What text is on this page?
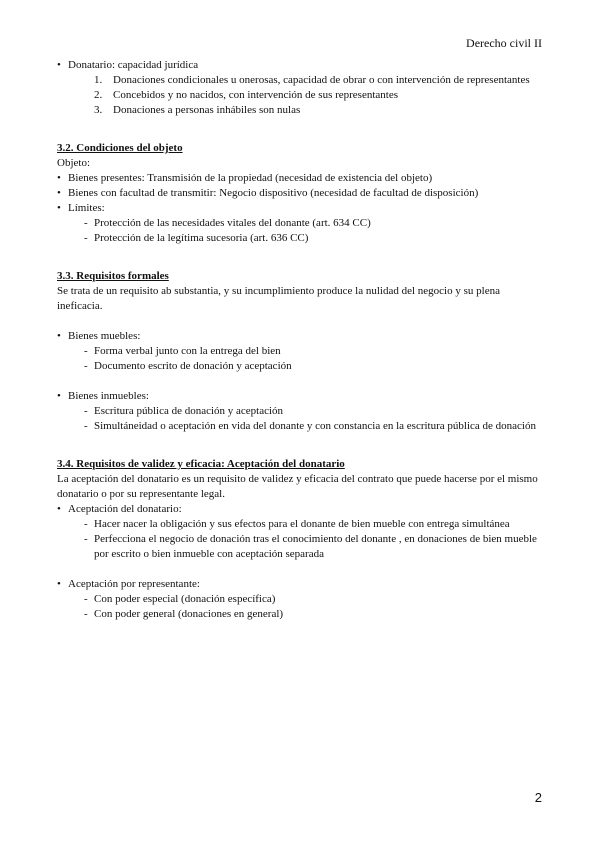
Derecho civil II
• Donatario: capacidad jurídica
1. Donaciones condicionales u onerosas, capacidad de obrar o con intervención de representantes
2. Concebidos y no nacidos, con intervención de sus representantes
3. Donaciones a personas inhábiles son nulas
3.2. Condiciones del objeto
Objeto:
• Bienes presentes: Transmisión de la propiedad (necesidad de existencia del objeto)
• Bienes con facultad de transmitir: Negocio dispositivo (necesidad de facultad de disposición)
• Límites:
- Protección de las necesidades vitales del donante (art. 634 CC)
- Protección de la legítima sucesoria (art. 636 CC)
3.3. Requisitos formales
Se trata de un requisito ab substantia, y su incumplimiento produce la nulidad del negocio y su plena ineficacia.
• Bienes muebles:
- Forma verbal junto con la entrega del bien
- Documento escrito de donación y aceptación
• Bienes inmuebles:
- Escritura pública de donación y aceptación
- Simultáneidad o aceptación en vida del donante y con constancia en la escritura pública de donación
3.4. Requisitos de validez y eficacia: Aceptación del donatario
La aceptación del donatario es un requisito de validez y eficacia del contrato que puede hacerse por el mismo donatario o por su representante legal.
• Aceptación del donatario:
- Hacer nacer la obligación y sus efectos para el donante de bien mueble con entrega simultánea
- Perfecciona el negocio de donación tras el conocimiento del donante , en donaciones de bien mueble por escrito o bien inmueble con aceptación separada
• Aceptación por representante:
- Con poder especial (donación específica)
- Con poder general (donaciones en general)
2
